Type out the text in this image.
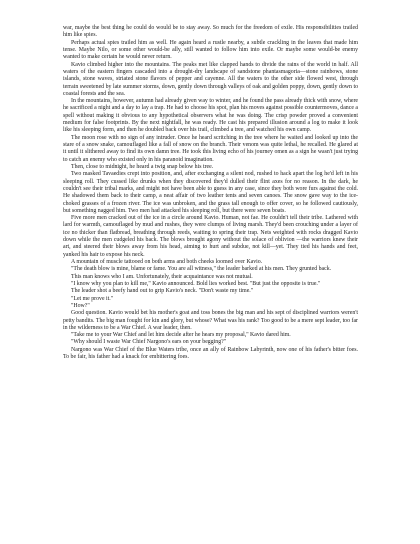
war, maybe the best thing he could do would be to stay away. So much for the freedom of exile. His responsibilities trailed him like spies.

Perhaps actual spies trailed him as well. He again heard a rustle nearby, a subtle crackling in the leaves that made him tense. Maybe Nilo, or some other would-be ally, still wanted to follow him into exile. Or maybe some would-be enemy wanted to make certain he would never return.

Kavio climbed higher into the mountains. The peaks met like clapped hands to divide the rains of the world in half. All waters of the eastern fingers cascaded into a drought-dry landscape of sandstone phantasmagoria—stone rainbows, stone islands, stone waves, striated stone flavors of pepper and cayenne. All the waters to the other side flowed west, through terrain sweetened by late summer storms, down, gently down through valleys of oak and golden poppy, down, gently down to coastal forests and the sea.

In the mountains, however, autumn had already given way to winter, and he found the pass already thick with snow, where he sacrificed a night and a day to lay a trap. He had to choose his spot, plan his moves against possible countermoves, dance a spell without making it obvious to any hypothetical observers what he was doing. The crisp powder proved a convenient medium for false footprints. By the next nightfall, he was ready. He cast his prepared illusion around a log to make it look like his sleeping form, and then he doubled back over his trail, climbed a tree, and watched his own camp.

The moon rose with no sign of any intruder. Once he heard scritching in the tree where he waited and looked up into the stare of a snow snake, camouflaged like a fall of snow on the branch. Their venom was quite lethal, he recalled. He glared at it until it slithered away to find its own damn tree. He took this living echo of his journey omen as a sign he wasn't just trying to catch an enemy who existed only in his paranoid imagination.

Then, close to midnight, he heard a twig snap below his tree.

Two masked Tavaedies crept into position, and, after exchanging a silent nod, rushed to hack apart the log he'd left in his sleeping roll. They cussed like drunks when they discovered they'd dulled their flint axes for no reason. In the dark, he couldn't see their tribal marks, and might not have been able to guess in any case, since they both wore furs against the cold. He shadowed them back to their camp, a neat affair of two leather tents and seven canoes. The snow gave way to the ice-choked grasses of a frozen river. The ice was unbroken, and the grass tall enough to offer cover, so he followed cautiously, but something nagged him. Two men had attacked his sleeping roll, but there were seven boats.

Five more men cracked out of the ice in a circle around Kavio. Human, not fae. He couldn't tell their tribe. Lathered with lard for warmth, camouflaged by mud and rushes, they were clumps of living marsh. They'd been crouching under a layer of ice no thicker than flatbread, breathing through reeds, waiting to spring their trap. Nets weighted with rocks dragged Kavio down while the men cudgeled his back. The blows brought agony without the solace of oblivion —the warriors knew their art, and steered their blows away from his head, aiming to hurt and subdue, not kill—yet. They tied his hands and feet, yanked his hair to expose his neck.

A mountain of muscle tattooed on both arms and both cheeks loomed over Kavio.

"The death blow is mine, blame or fame. You are all witness," the leader barked at his men. They grunted back.

This man knows who I am. Unfortunately, their acquaintance was not mutual.

"I know why you plan to kill me," Kavio announced. Bold lies worked best. "But just the opposite is true."

The leader shot a beefy hand out to grip Kavio's neck. "Don't waste my time."

"Let me prove it."

"How?"

Good question. Kavio would bet his mother's goat and toss bones the big man and his sept of disciplined warriors weren't petty bandits. The big man fought for kin and glory, but whose? What was his rank? Too good to be a mere sept leader, too far in the wilderness to be a War Chief. A war leader, then.

"Take me to your War Chief and let him decide after he hears my proposal," Kavio dared him.

"Why should I waste War Chief Nargono's ears on your begging?"

Nargono was War Chief of the Blue Waters tribe, once an ally of Rainbow Labyrinth, now one of his father's bitter foes. To be fair, his father had a knack for embittering foes.
